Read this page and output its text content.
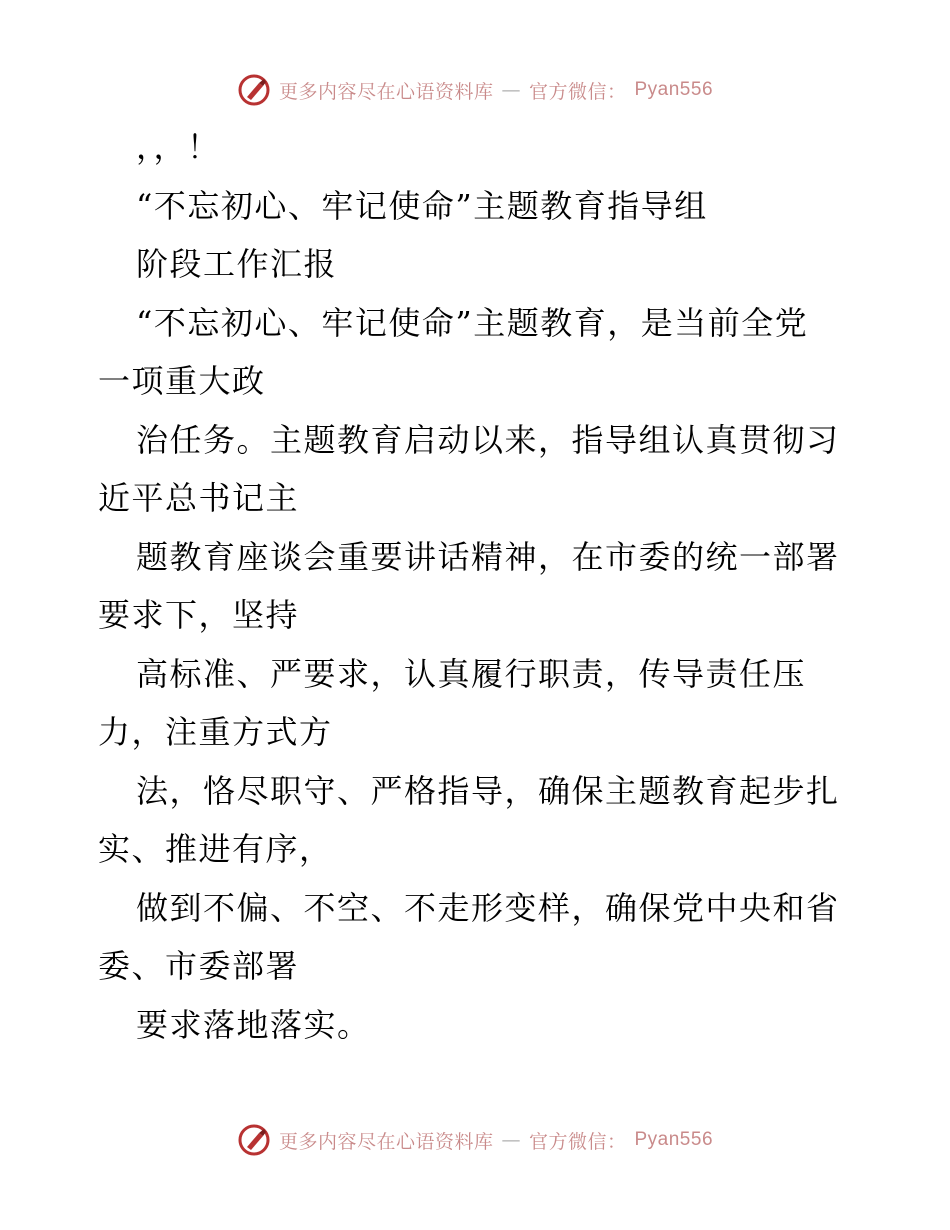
更多内容尽在心语资料库 — 官方微信： Pyan556
，，！
“不忘初心、牢记使命”主题教育指导组
阶段工作汇报
“不忘初心、牢记使命”主题教育，是当前全党
一项重大政
治任务。主题教育启动以来，指导组认真贯彻习
近平总书记主
题教育座谈会重要讲话精神，在市委的统一部署
要求下，坚持
高标准、严要求，认真履行职责，传导责任压
力，注重方式方
法，恪尽职守、严格指导，确保主题教育起步扎
实、推进有序，
做到不偏、不空、不走形变样，确保党中央和省
委、市委部署
要求落地落实。
更多内容尽在心语资料库 — 官方微信： Pyan556
